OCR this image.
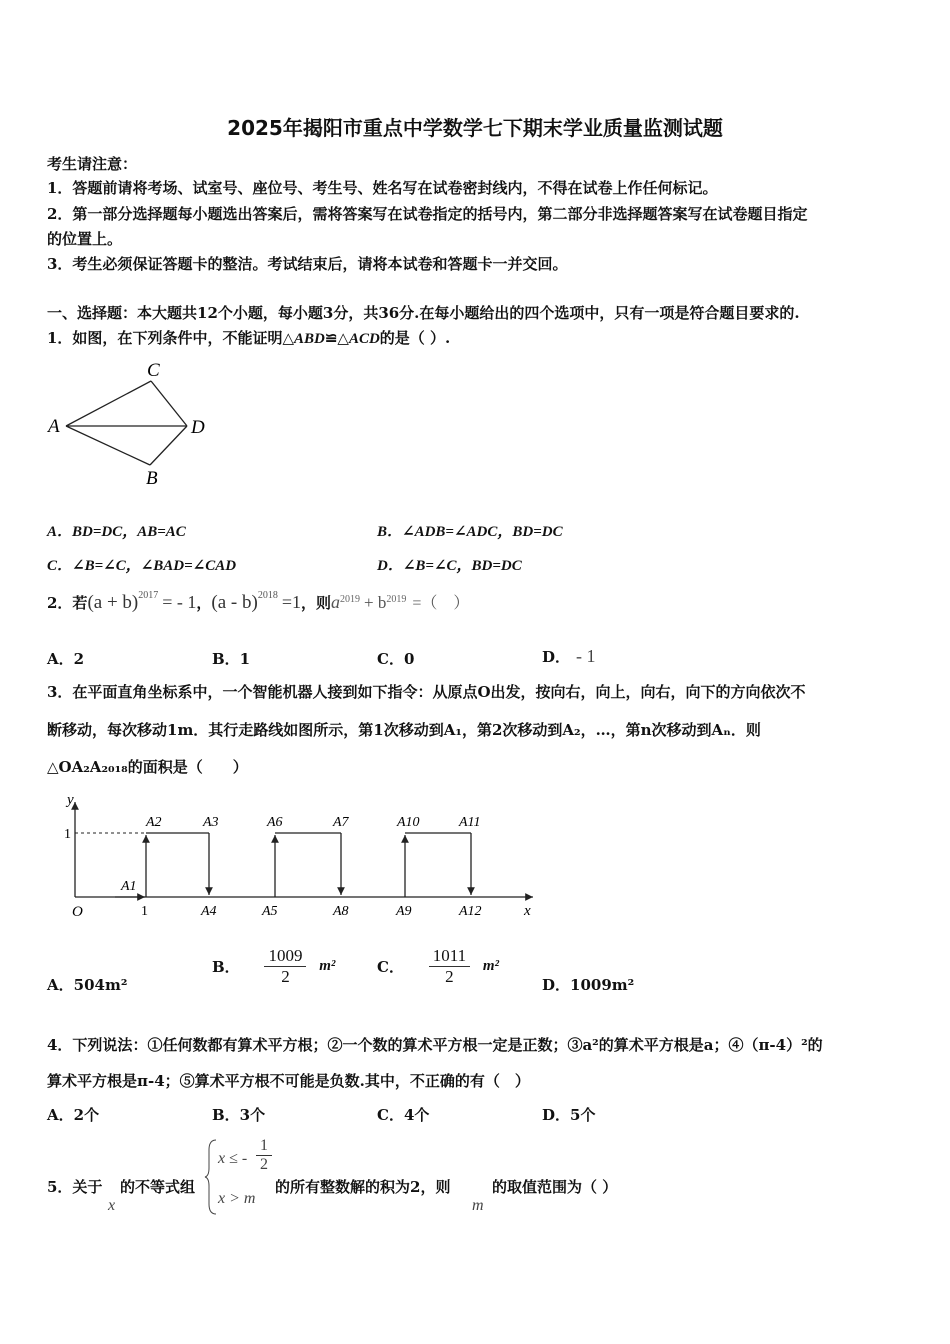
2025年揭阳市重点中学数学七下期末学业质量监测试题
考生请注意：
1．答题前请将考场、试室号、座位号、考生号、姓名写在试卷密封线内，不得在试卷上作任何标记。
2．第一部分选择题每小题选出答案后，需将答案写在试卷指定的括号内，第二部分非选择题答案写在试卷题目指定
的位置上。
3．考生必须保证答题卡的整洁。考试结束后，请将本试卷和答题卡一并交回。
一、选择题：本大题共12个小题，每小题3分，共36分.在每小题给出的四个选项中，只有一项是符合题目要求的.
1．如图，在下列条件中，不能证明△ABD≌△ACD的是（ ）.
A
C
D
B
A．BD=DC，AB=AC	B．∠ADB=∠ADC，BD=DC
C．∠B=∠C，∠BAD=∠CAD	D．∠B=∠C，BD=DC
2．若$(a + b)^{2017}$ = - 1，(a - b)$^{2018}$ =1，则$a^{2019} + b^{2019}$ =（　）
A．2	B．1	C．0	D． - 1
3．在平面直角坐标系中，一个智能机器人接到如下指令：从原点O出发，按向右，向上，向右，向下的方向依次不
断移动，每次移动1m．其行走路线如图所示，第1次移动到A₁，第2次移动到A₂，…，第n次移动到Aₙ．则
△OA₂A₂₀₁₈的面积是（　　）
y
x
O
1
1
A1
A2	A3
A4	A5
A6	A7
A8	A9
A10	A11
A12
A．504m²
B． $\frac{1009}{2} m^2$	C． $\frac{1011}{2} m^2$
D．1009m²
4．下列说法：①任何数都有算术平方根；②一个数的算术平方根一定是正数；③a²的算术平方根是a；④（π-4）²的
算术平方根是π-4；⑤算术平方根不可能是负数.其中，不正确的有（　）
A．2个	B．3个	C．4个	D．5个
5．关于
x
的不等式组
x ≤ - $\frac{1}{2}$
x > m
的所有整数解的积为2，则
m
的取值范围为（ ）
